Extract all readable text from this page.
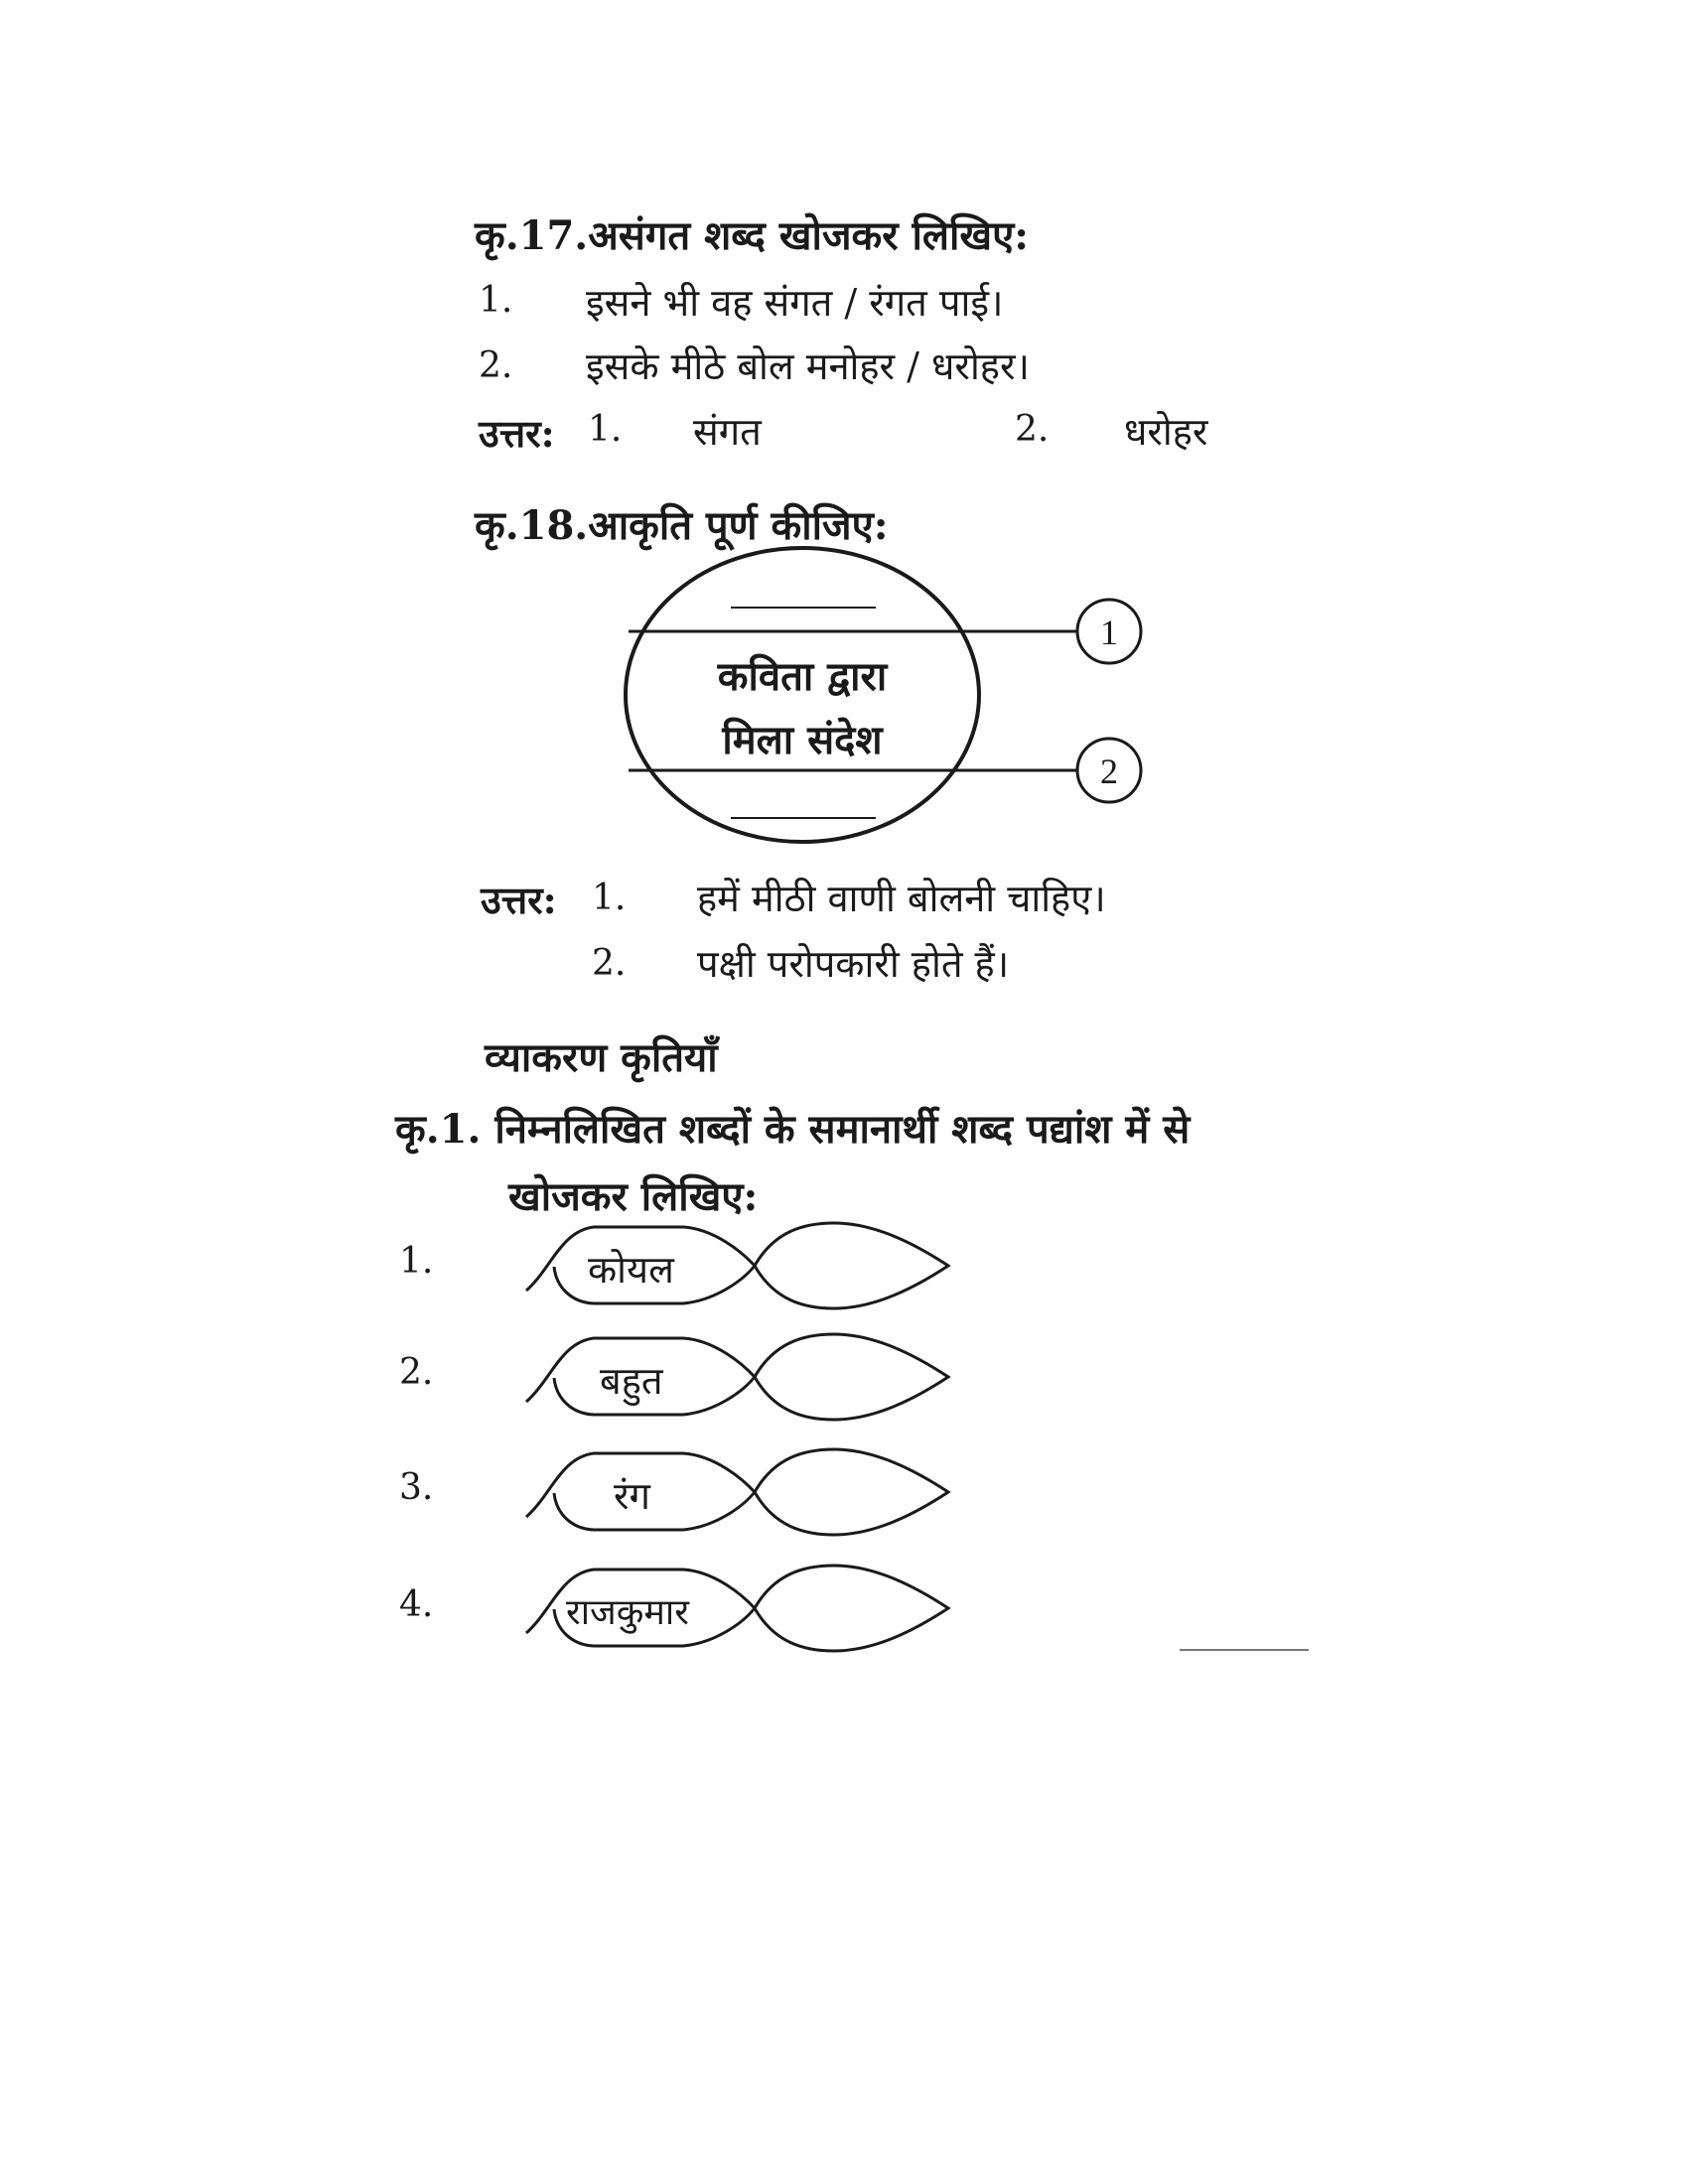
कृ.17.असंगत शब्द खोजकर लिखिए:
1. इसने भी वह संगत / रंगत पाई।
2. इसके मीठे बोल मनोहर / धरोहर।
उत्तर: 1. संगत	2. धरोहर
कृ.18.आकृति पूर्ण कीजिए:
1
2
कविता द्वारा
मिला संदेश
उत्तर: 1. हमें मीठी वाणी बोलनी चाहिए।
2. पक्षी परोपकारी होते हैं।
व्याकरण कृतियाँ
कृ.1. निम्नलिखित शब्दों के समानार्थी शब्द पद्यांश में से
खोजकर लिखिए:
1.	कोयल
2.	बहुत
3.	रंग
4.	राजकुमार
